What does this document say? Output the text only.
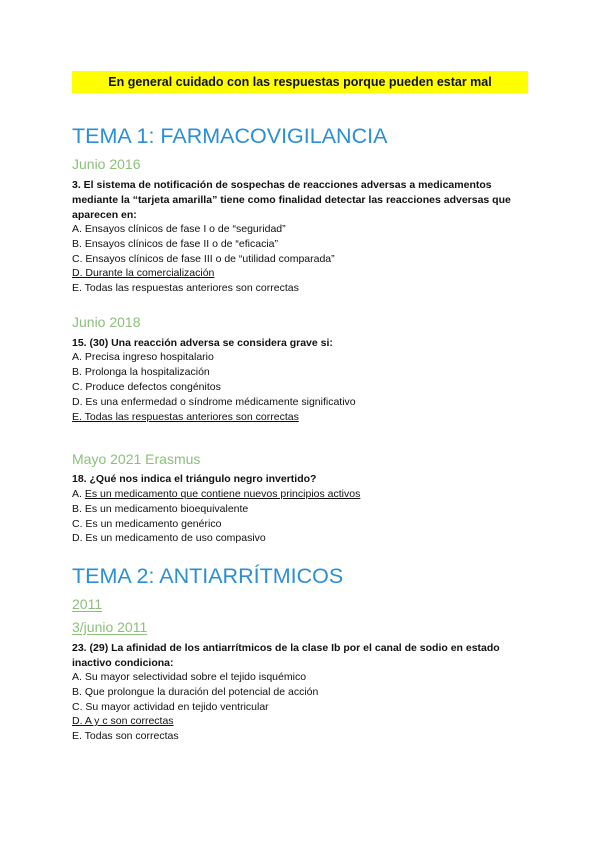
En general cuidado con las respuestas porque pueden estar mal
TEMA 1: FARMACOVIGILANCIA
Junio 2016
3. El sistema de notificación de sospechas de reacciones adversas a medicamentos mediante la “tarjeta amarilla” tiene como finalidad detectar las reacciones adversas que aparecen en:
A. Ensayos clínicos de fase I o de “seguridad”
B. Ensayos clínicos de fase II o de “eficacia”
C. Ensayos clínicos de fase III o de “utilidad comparada”
D. Durante la comercialización
E. Todas las respuestas anteriores son correctas
Junio 2018
15. (30) Una reacción adversa se considera grave si:
A. Precisa ingreso hospitalario
B. Prolonga la hospitalización
C. Produce defectos congénitos
D. Es una enfermedad o síndrome médicamente significativo
E. Todas las respuestas anteriores son correctas
Mayo 2021 Erasmus
18. ¿Qué nos indica el triángulo negro invertido?
A. Es un medicamento que contiene nuevos principios activos
B. Es un medicamento bioequivalente
C. Es un medicamento genérico
D. Es un medicamento de uso compasivo
TEMA 2: ANTIARRÍTMICOS
2011
3/junio 2011
23. (29) La afinidad de los antiarrítmicos de la clase Ib por el canal de sodio en estado inactivo condiciona:
A. Su mayor selectividad sobre el tejido isquémico
B. Que prolongue la duración del potencial de acción
C. Su mayor actividad en tejido ventricular
D. A y c son correctas
E. Todas son correctas
